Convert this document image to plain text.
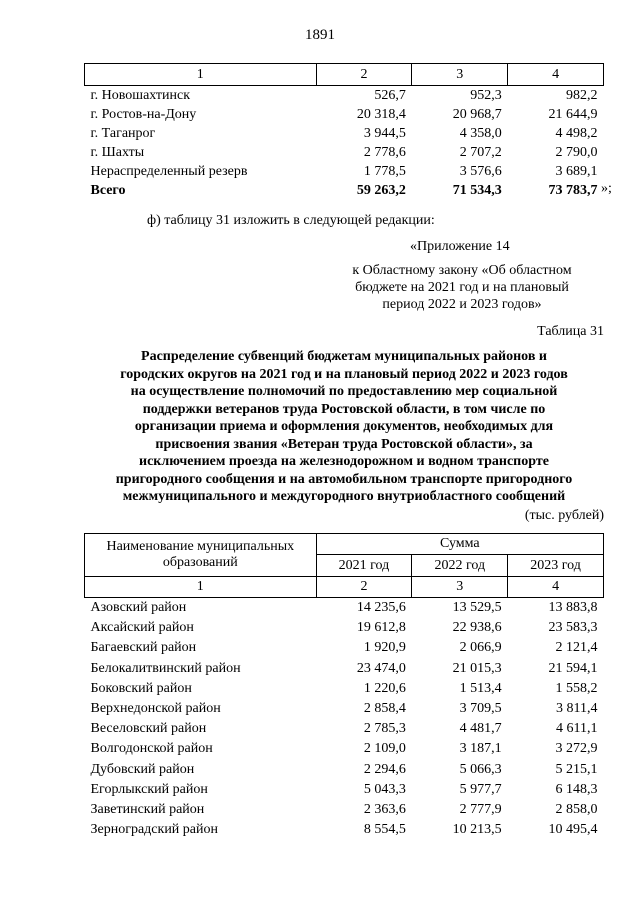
1891
1	2	3	4
г. Новошахтинск	526,7	952,3	982,2
г. Ростов-на-Дону	20 318,4	20 968,7	21 644,9
г. Таганрог	3 944,5	4 358,0	4 498,2
г. Шахты	2 778,6	2 707,2	2 790,0
Нераспределенный резерв	1 778,5	3 576,6	3 689,1
Всего	59 263,2	71 534,3	73 783,7 »;
ф) таблицу 31 изложить в следующей редакции:
«Приложение 14
к Областному закону «Об областном
бюджете на 2021 год и на плановый
период 2022 и 2023 годов»
Таблица 31
Распределение субвенций бюджетам муниципальных районов и
городских округов на 2021 год и на плановый период 2022 и 2023 годов
на осуществление полномочий по предоставлению мер социальной
поддержки ветеранов труда Ростовской области, в том числе по
организации приема и оформления документов, необходимых для
присвоения звания «Ветеран труда Ростовской области», за
исключением проезда на железнодорожном и водном транспорте
пригородного сообщения и на автомобильном транспорте пригородного
межмуниципального и междугородного внутриобластного сообщений
(тыс. рублей)
Наименование муниципальных образований	Сумма		
	2021 год	2022 год	2023 год
1	2	3	4
Азовский район	14 235,6	13 529,5	13 883,8
Аксайский район	19 612,8	22 938,6	23 583,3
Багаевский район	1 920,9	2 066,9	2 121,4
Белокалитвинский район	23 474,0	21 015,3	21 594,1
Боковский район	1 220,6	1 513,4	1 558,2
Верхнедонской район	2 858,4	3 709,5	3 811,4
Веселовский район	2 785,3	4 481,7	4 611,1
Волгодонской район	2 109,0	3 187,1	3 272,9
Дубовский район	2 294,6	5 066,3	5 215,1
Егорлыкский район	5 043,3	5 977,7	6 148,3
Заветинский район	2 363,6	2 777,9	2 858,0
Зерноградский район	8 554,5	10 213,5	10 495,4
